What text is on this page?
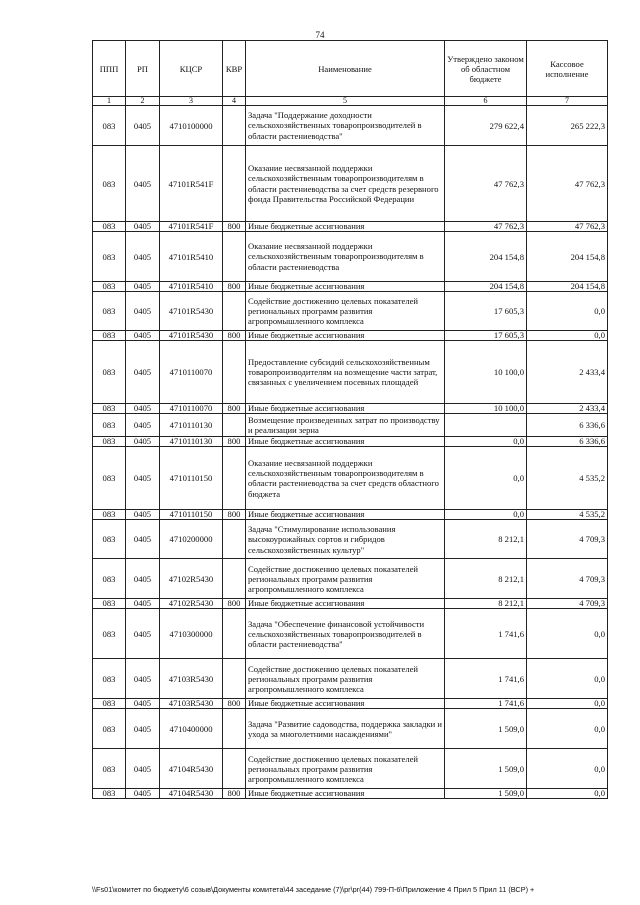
74
ППП	РП	КЦСР	КВР	Наименование	Утверждено законом об областном бюджете	Кассовое исполнение
1	2	3	4	5	6	7
083	0405	4710100000		Задача "Поддержание доходности сельскохозяйственных товаропроизводителей в области растениеводства"	279 622,4	265 222,3
083	0405	47101R541F		Оказание несвязанной поддержки сельскохозяйственным товаропроизводителям в области растениеводства за счет средств резервного фонда Правительства Российской Федерации	47 762,3	47 762,3
083	0405	47101R541F	800	Иные бюджетные ассигнования	47 762,3	47 762,3
083	0405	47101R5410		Оказание несвязанной поддержки сельскохозяйственным товаропроизводителям в области растениеводства	204 154,8	204 154,8
083	0405	47101R5410	800	Иные бюджетные ассигнования	204 154,8	204 154,8
083	0405	47101R5430		Содействие достижению целевых показателей региональных программ развития агропромышленного комплекса	17 605,3	0,0
083	0405	47101R5430	800	Иные бюджетные ассигнования	17 605,3	0,0
083	0405	4710110070		Предоставление субсидий сельскохозяйственным товаропроизводителям на возмещение части затрат, связанных с увеличением посевных площадей	10 100,0	2 433,4
083	0405	4710110070	800	Иные бюджетные ассигнования	10 100,0	2 433,4
083	0405	4710110130		Возмещение произведенных затрат по производству и реализации зерна		6 336,6
083	0405	4710110130	800	Иные бюджетные ассигнования	0,0	6 336,6
083	0405	4710110150		Оказание несвязанной поддержки сельскохозяйственным товаропроизводителям в области растениеводства за счет средств областного бюджета	0,0	4 535,2
083	0405	4710110150	800	Иные бюджетные ассигнования	0,0	4 535,2
083	0405	4710200000		Задача "Стимулирование использования высокоурожайных сортов и гибридов сельскохозяйственных культур"	8 212,1	4 709,3
083	0405	47102R5430		Содействие достижению целевых показателей региональных программ развития агропромышленного комплекса	8 212,1	4 709,3
083	0405	47102R5430	800	Иные бюджетные ассигнования	8 212,1	4 709,3
083	0405	4710300000		Задача "Обеспечение финансовой устойчивости сельскохозяйственных товаропроизводителей в области растениеводства"	1 741,6	0,0
083	0405	47103R5430		Содействие достижению целевых показателей региональных программ развития агропромышленного комплекса	1 741,6	0,0
083	0405	47103R5430	800	Иные бюджетные ассигнования	1 741,6	0,0
083	0405	4710400000		Задача "Развитие садоводства, поддержка закладки и ухода за многолетними насаждениями"	1 509,0	0,0
083	0405	47104R5430		Содействие достижению целевых показателей региональных программ развития агропромышленного комплекса	1 509,0	0,0
083	0405	47104R5430	800	Иные бюджетные ассигнования	1 509,0	0,0
\\Fs01\комитет по бюджету\6 созыв\Документы комитета\44 заседание (7)\pr\pr(44) 799-П-6\Приложение 4 Прил 5 Прил 11 (ВСР) +
